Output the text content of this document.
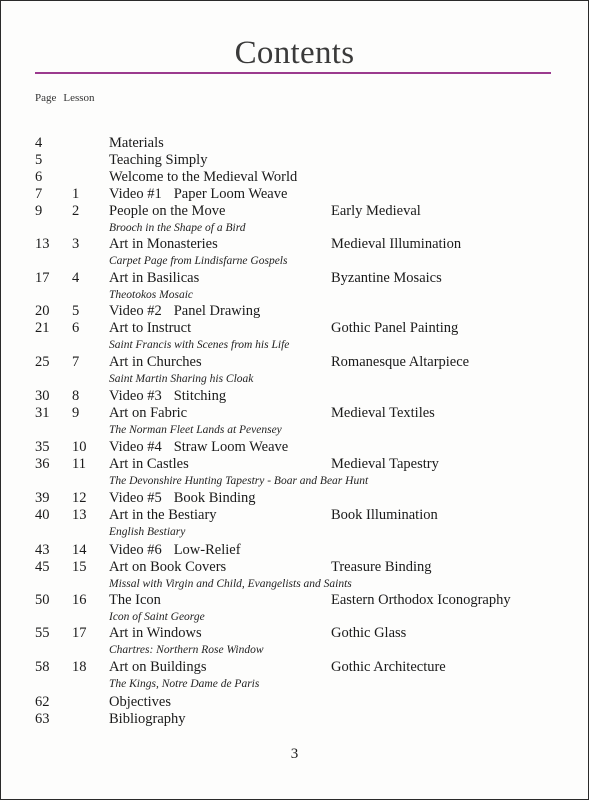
Contents
Page Lesson
4	Materials
5	Teaching Simply
6	Welcome to the Medieval World
7 1 Video #1 Paper Loom Weave
9 2 People on the Move	Early Medieval
Brooch in the Shape of a Bird
13 3 Art in Monasteries	Medieval Illumination
Carpet Page from Lindisfarne Gospels
17 4 Art in Basilicas	Byzantine Mosaics
Theotokos Mosaic
20 5 Video #2 Panel Drawing
21 6 Art to Instruct	Gothic Panel Painting
Saint Francis with Scenes from his Life
25 7 Art in Churches	Romanesque Altarpiece
Saint Martin Sharing his Cloak
30 8 Video #3 Stitching
31 9 Art on Fabric	Medieval Textiles
The Norman Fleet Lands at Pevensey
35 10 Video #4 Straw Loom Weave
36 11 Art in Castles	Medieval Tapestry
The Devonshire Hunting Tapestry - Boar and Bear Hunt
39 12 Video #5 Book Binding
40 13 Art in the Bestiary	Book Illumination
English Bestiary
43 14 Video #6 Low-Relief
45 15 Art on Book Covers	Treasure Binding
Missal with Virgin and Child, Evangelists and Saints
50 16 The Icon	Eastern Orthodox Iconography
Icon of Saint George
55 17 Art in Windows	Gothic Glass
Chartres: Northern Rose Window
58 18 Art on Buildings	Gothic Architecture
The Kings, Notre Dame de Paris
62	Objectives
63	Bibliography
3
